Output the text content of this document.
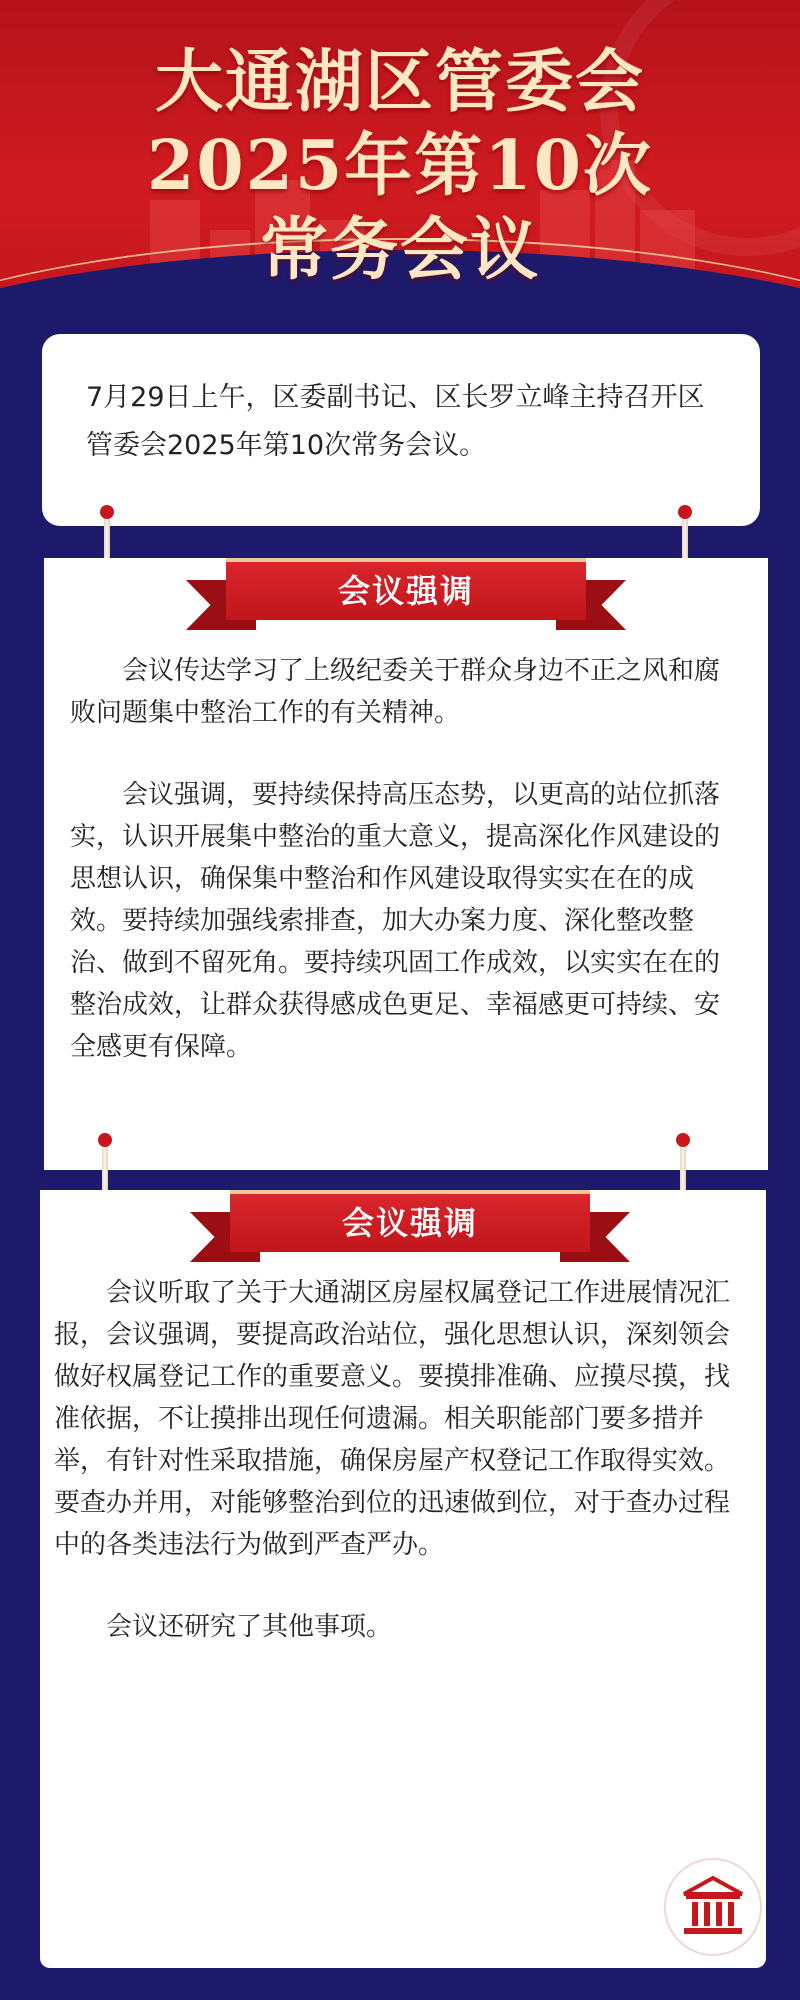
大通湖区管委会
2025年第10次
常务会议

7月29日上午，区委副书记、区长罗立峰主持召开区管委会2025年第10次常务会议。

会议强调

会议传达学习了上级纪委关于群众身边不正之风和腐败问题集中整治工作的有关精神。

会议强调，要持续保持高压态势，以更高的站位抓落实，认识开展集中整治的重大意义，提高深化作风建设的思想认识，确保集中整治和作风建设取得实实在在的成效。要持续加强线索排查，加大办案力度、深化整改整治、做到不留死角。要持续巩固工作成效，以实实在在的整治成效，让群众获得感成色更足、幸福感更可持续、安全感更有保障。

会议强调

会议听取了关于大通湖区房屋权属登记工作进展情况汇报，会议强调，要提高政治站位，强化思想认识，深刻领会做好权属登记工作的重要意义。要摸排准确、应摸尽摸，找准依据，不让摸排出现任何遗漏。相关职能部门要多措并举，有针对性采取措施，确保房屋产权登记工作取得实效。要查办并用，对能够整治到位的迅速做到位，对于查办过程中的各类违法行为做到严查严办。

会议还研究了其他事项。
